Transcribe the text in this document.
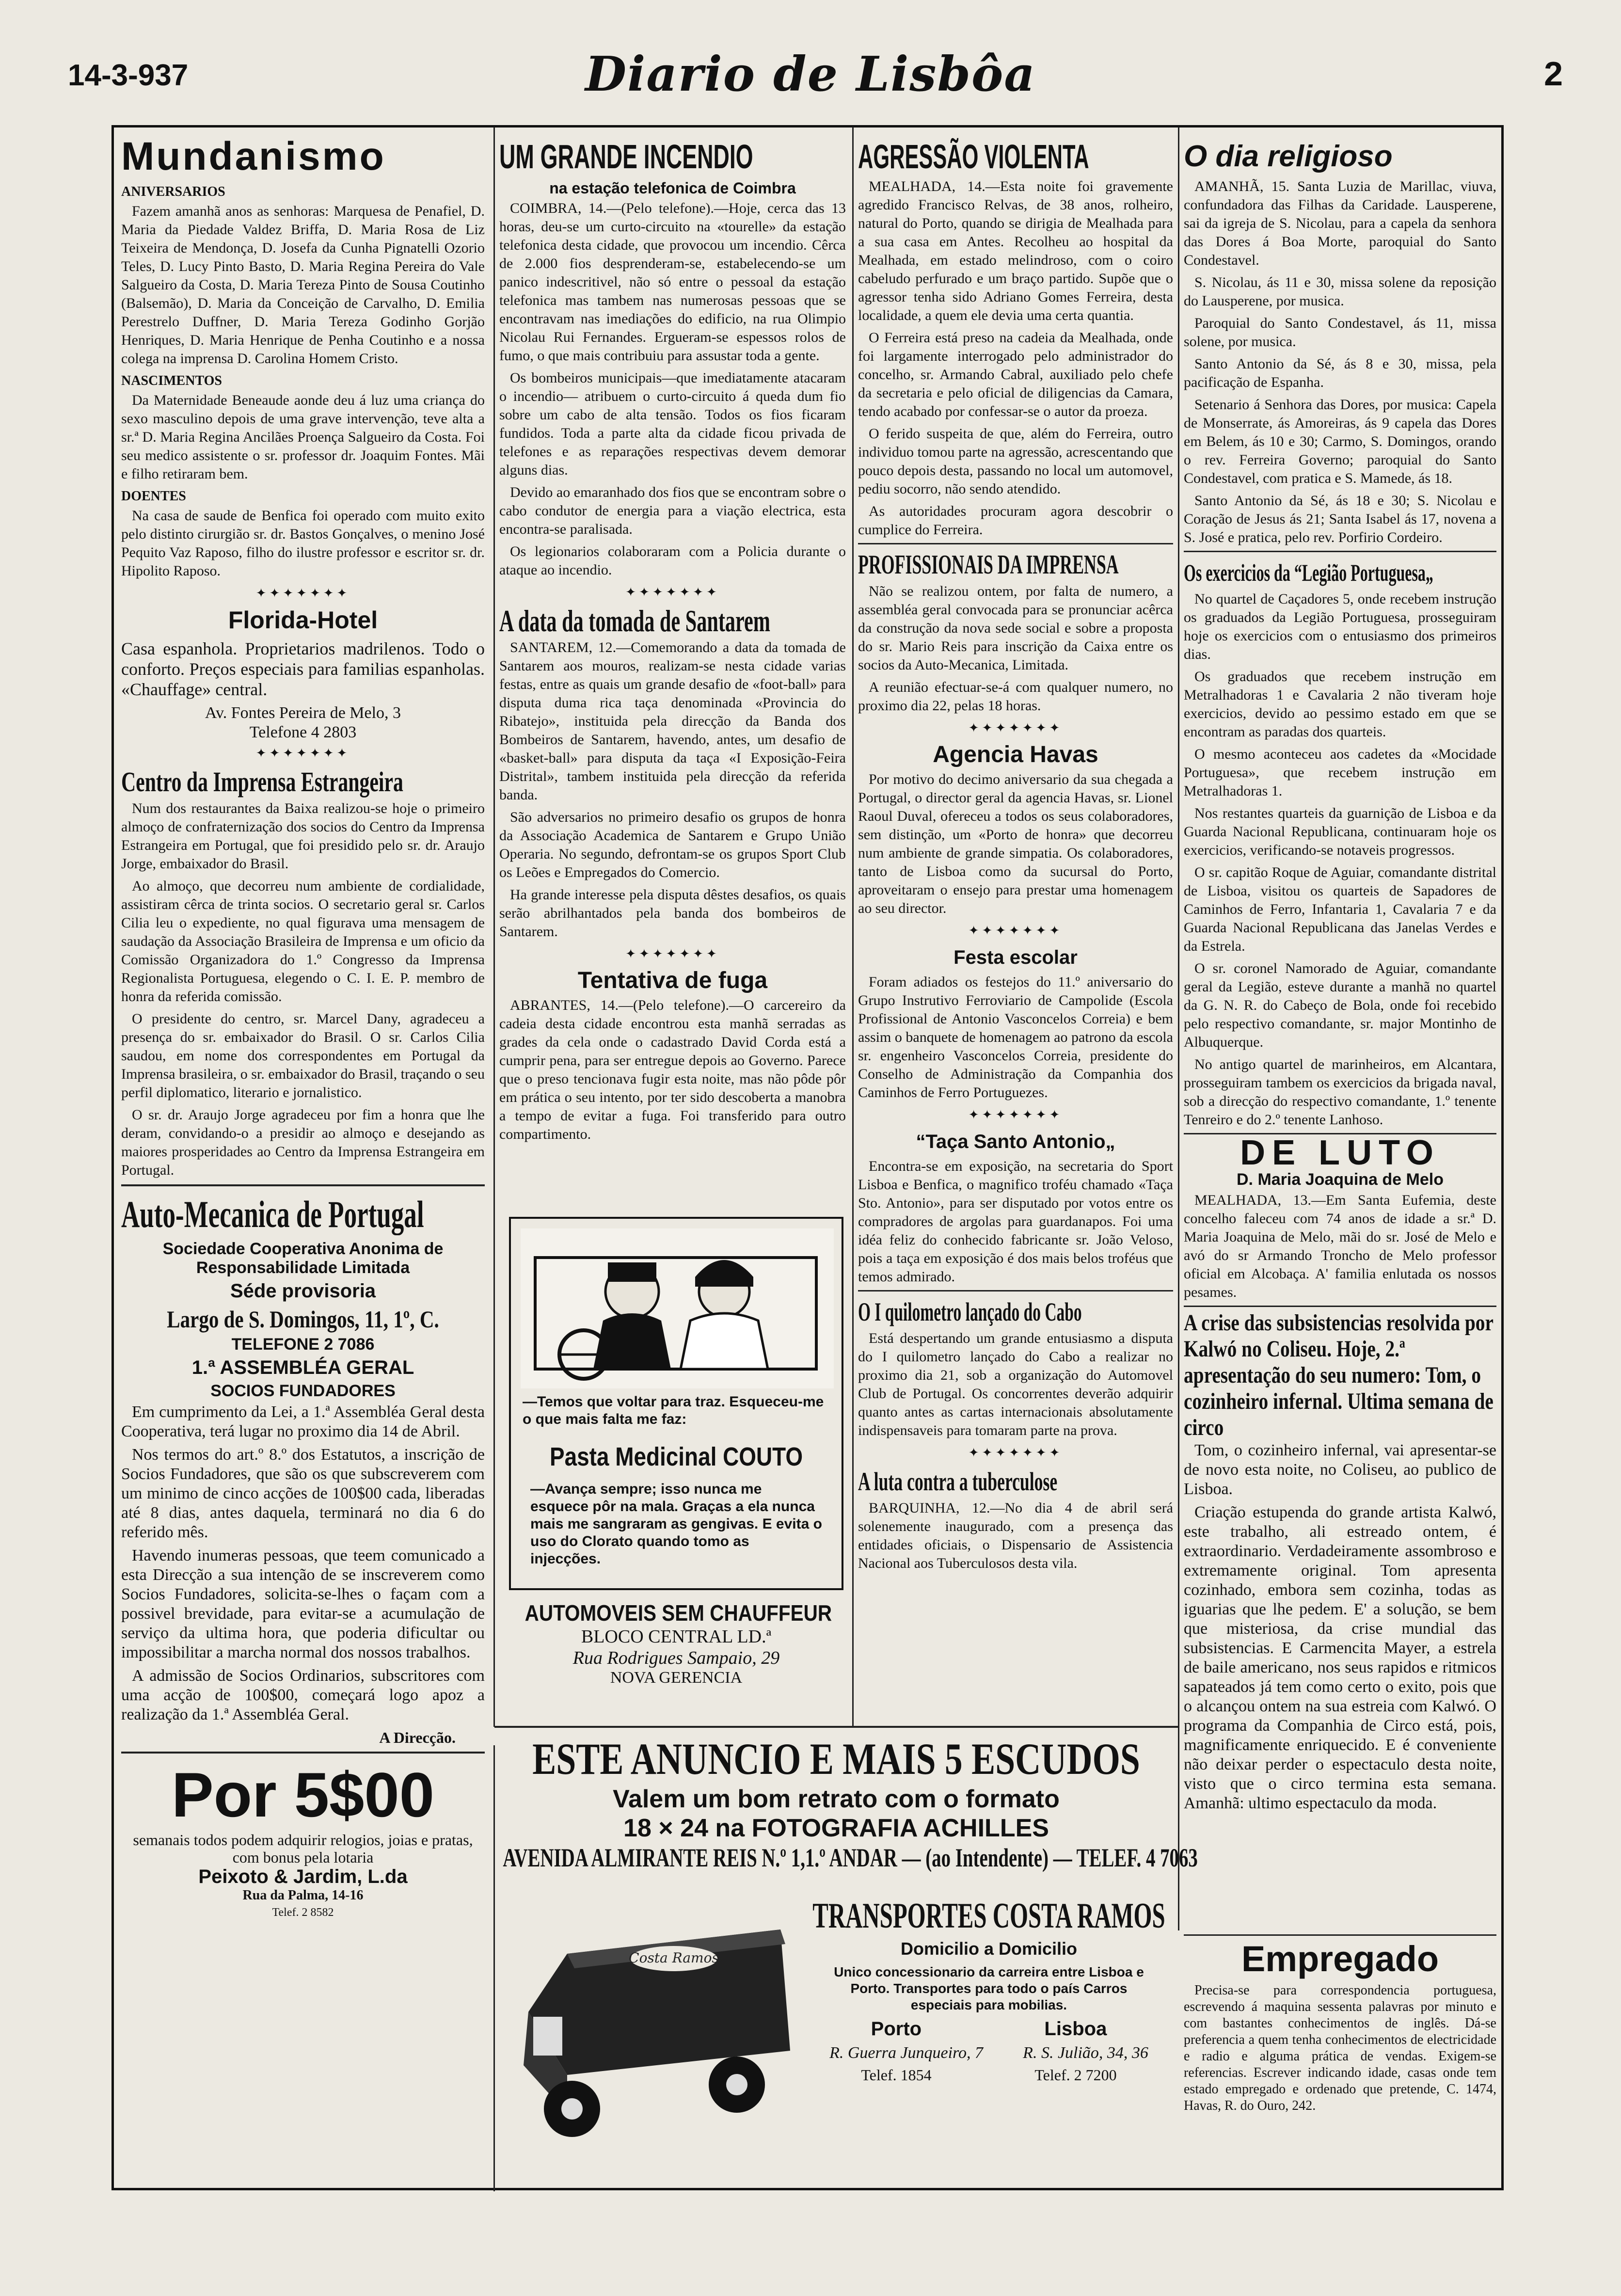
14-3-937	Diario de Lisbôa	2
Mundanismo
ANIVERSARIOS

Fazem amanhã anos as senhoras: Marquesa de Penafiel, D. Maria da Piedade Valdez Briffa, D. Maria Rosa de Liz Teixeira de Mendonça, D. Josefa da Cunha Pignatelli Ozorio Teles, D. Lucy Pinto Basto, D. Maria Regina Pereira do Vale Salgueiro da Costa, D. Maria Tereza Pinto de Sousa Coutinho (Balsemão), D. Maria da Conceição de Carvalho, D. Emilia Perestrelo Duffner, D. Maria Tereza Godinho Gorjão Henriques, D. Maria Henrique de Penha Coutinho e a nossa colega na imprensa D. Carolina Homem Cristo.

NASCIMENTOS

Da Maternidade Beneaude aonde deu á luz uma criança do sexo masculino depois de uma grave intervenção, teve alta a sr.ª D. Maria Regina Ancilães Proença Salgueiro da Costa. Foi seu medico assistente o sr. professor dr. Joaquim Fontes. Mãi e filho retiraram bem.

DOENTES

Na casa de saude de Benfica foi operado com muito exito pelo distinto cirurgião sr. dr. Bastos Gonçalves, o menino José Pequito Vaz Raposo, filho do ilustre professor e escritor sr. dr. Hipolito Raposo.

✦✦✦✦✦✦✦
Florida-Hotel

Casa espanhola. Proprietarios madrilenos. Todo o conforto. Preços especiais para familias espanholas. «Chauffage» central.

Av. Fontes Pereira de Melo, 3
Telefone 4 2803
✦✦✦✦✦✦✦
Centro da Imprensa Estrangeira

Num dos restaurantes da Baixa realizou-se hoje o primeiro almoço de confraternização dos socios do Centro da Imprensa Estrangeira em Portugal, que foi presidido pelo sr. dr. Araujo Jorge, embaixador do Brasil.

Ao almoço, que decorreu num ambiente de cordialidade, assistiram cêrca de trinta socios. O secretario geral sr. Carlos Cilia leu o expediente, no qual figurava uma mensagem de saudação da Associação Brasileira de Imprensa e um oficio da Comissão Organizadora do 1.º Congresso da Imprensa Regionalista Portuguesa, elegendo o C. I. E. P. membro de honra da referida comissão.

O presidente do centro, sr. Marcel Dany, agradeceu a presença do sr. embaixador do Brasil. O sr. Carlos Cilia saudou, em nome dos correspondentes em Portugal da Imprensa brasileira, o sr. embaixador do Brasil, traçando o seu perfil diplomatico, literario e jornalistico.

O sr. dr. Araujo Jorge agradeceu por fim a honra que lhe deram, convidando-o a presidir ao almoço e desejando as maiores prosperidades ao Centro da Imprensa Estrangeira em Portugal.

Auto-Mecanica de Portugal
Sociedade Cooperativa Anonima de Responsabilidade Limitada
Séde provisoria
Largo de S. Domingos, 11, 1º, C.
TELEFONE 2 7086
1.ª ASSEMBLÉA GERAL
SOCIOS FUNDADORES

Em cumprimento da Lei, a 1.ª Assembléa Geral desta Cooperativa, terá lugar no proximo dia 14 de Abril.

Nos termos do art.º 8.º dos Estatutos, a inscrição de Socios Fundadores, que são os que subscreverem com um minimo de cinco acções de 100$00 cada, liberadas até 8 dias, antes daquela, terminará no dia 6 do referido mês.

Havendo inumeras pessoas, que teem comunicado a esta Direcção a sua intenção de se inscreverem como Socios Fundadores, solicita-se-lhes o façam com a possivel brevidade, para evitar-se a acumulação de serviço da ultima hora, que poderia dificultar ou impossibilitar a marcha normal dos nossos trabalhos.

A admissão de Socios Ordinarios, subscritores com uma acção de 100$00, começará logo apoz a realização da 1.ª Assembléa Geral.

A Direcção.
Por 5$00
semanais todos podem adquirir relogios, joias e pratas, com bonus pela lotaria
Peixoto & Jardim, L.da
Rua da Palma, 14-16
Telef. 2 8582
UM GRANDE INCENDIO
na estação telefonica de Coimbra

COIMBRA, 14.—(Pelo telefone).—Hoje, cerca das 13 horas, deu-se um curto-circuito na «tourelle» da estação telefonica desta cidade, que provocou um incendio. Cêrca de 2.000 fios desprenderam-se, estabelecendo-se um panico indescritivel, não só entre o pessoal da estação telefonica mas tambem nas numerosas pessoas que se encontravam nas imediações do edificio, na rua Olimpio Nicolau Rui Fernandes. Ergueram-se espessos rolos de fumo, o que mais contribuiu para assustar toda a gente.

Os bombeiros municipais—que imediatamente atacaram o incendio— atribuem o curto-circuito á queda dum fio sobre um cabo de alta tensão. Todos os fios ficaram fundidos. Toda a parte alta da cidade ficou privada de telefones e as reparações respectivas devem demorar alguns dias.

Devido ao emaranhado dos fios que se encontram sobre o cabo condutor de energia para a viação electrica, esta encontra-se paralisada.

Os legionarios colaboraram com a Policia durante o ataque ao incendio.

✦✦✦✦✦✦✦
A data da tomada de Santarem

SANTAREM, 12.—Comemorando a data da tomada de Santarem aos mouros, realizam-se nesta cidade varias festas, entre as quais um grande desafio de «foot-ball» para disputa duma rica taça denominada «Provincia do Ribatejo», instituida pela direcção da Banda dos Bombeiros de Santarem, havendo, antes, um desafio de «basket-ball» para disputa da taça «I Exposição-Feira Distrital», tambem instituida pela direcção da referida banda.

São adversarios no primeiro desafio os grupos de honra da Associação Academica de Santarem e Grupo União Operaria. No segundo, defrontam-se os grupos Sport Club os Leões e Empregados do Comercio.

Ha grande interesse pela disputa dêstes desafios, os quais serão abrilhantados pela banda dos bombeiros de Santarem.

✦✦✦✦✦✦✦
Tentativa de fuga

ABRANTES, 14.—(Pelo telefone).—O carcereiro da cadeia desta cidade encontrou esta manhã serradas as grades da cela onde o cadastrado David Corda está a cumprir pena, para ser entregue depois ao Governo. Parece que o preso tencionava fugir esta noite, mas não pôde pôr em prática o seu intento, por ter sido descoberta a manobra a tempo de evitar a fuga. Foi transferido para outro compartimento.

—Temos que voltar para traz. Esqueceu-me o que mais falta me faz:
Pasta Medicinal COUTO
—Avança sempre; isso nunca me esquece pôr na mala. Graças a ela nunca mais me sangraram as gengivas. E evita o uso do Clorato quando tomo as injecções.
AUTOMOVEIS SEM CHAUFFEUR
BLOCO CENTRAL LD.ª
Rua Rodrigues Sampaio, 29
NOVA GERENCIA
AGRESSÃO VIOLENTA

MEALHADA, 14.—Esta noite foi gravemente agredido Francisco Relvas, de 38 anos, rolheiro, natural do Porto, quando se dirigia de Mealhada para a sua casa em Antes. Recolheu ao hospital da Mealhada, em estado melindroso, com o coiro cabeludo perfurado e um braço partido. Supõe que o agressor tenha sido Adriano Gomes Ferreira, desta localidade, a quem ele devia uma certa quantia.

O Ferreira está preso na cadeia da Mealhada, onde foi largamente interrogado pelo administrador do concelho, sr. Armando Cabral, auxiliado pelo chefe da secretaria e pelo oficial de diligencias da Camara, tendo acabado por confessar-se o autor da proeza.

O ferido suspeita de que, além do Ferreira, outro individuo tomou parte na agressão, acrescentando que pouco depois desta, passando no local um automovel, pediu socorro, não sendo atendido.

As autoridades procuram agora descobrir o cumplice do Ferreira.

PROFISSIONAIS DA IMPRENSA

Não se realizou ontem, por falta de numero, a assembléa geral convocada para se pronunciar acêrca da construção da nova sede social e sobre a proposta do sr. Mario Reis para inscrição da Caixa entre os socios da Auto-Mecanica, Limitada.

A reunião efectuar-se-á com qualquer numero, no proximo dia 22, pelas 18 horas.

✦✦✦✦✦✦✦
Agencia Havas

Por motivo do decimo aniversario da sua chegada a Portugal, o director geral da agencia Havas, sr. Lionel Raoul Duval, ofereceu a todos os seus colaboradores, sem distinção, um «Porto de honra» que decorreu num ambiente de grande simpatia. Os colaboradores, tanto de Lisboa como da sucursal do Porto, aproveitaram o ensejo para prestar uma homenagem ao seu director.

✦✦✦✦✦✦✦
Festa escolar

Foram adiados os festejos do 11.º aniversario do Grupo Instrutivo Ferroviario de Campolide (Escola Profissional de Antonio Vasconcelos Correia) e bem assim o banquete de homenagem ao patrono da escola sr. engenheiro Vasconcelos Correia, presidente do Conselho de Administração da Companhia dos Caminhos de Ferro Portuguezes.

✦✦✦✦✦✦✦
“Taça Santo Antonio„

Encontra-se em exposição, na secretaria do Sport Lisboa e Benfica, o magnifico troféu chamado «Taça Sto. Antonio», para ser disputado por votos entre os compradores de argolas para guardanapos. Foi uma idéa feliz do conhecido fabricante sr. João Veloso, pois a taça em exposição é dos mais belos troféus que temos admirado.

O I quilometro lançado do Cabo

Está despertando um grande entusiasmo a disputa do I quilometro lançado do Cabo a realizar no proximo dia 21, sob a organização do Automovel Club de Portugal. Os concorrentes deverão adquirir quanto antes as cartas internacionais absolutamente indispensaveis para tomaram parte na prova.

✦✦✦✦✦✦✦
A luta contra a tuberculose

BARQUINHA, 12.—No dia 4 de abril será solenemente inaugurado, com a presença das entidades oficiais, o Dispensario de Assistencia Nacional aos Tuberculosos desta vila.

O dia religioso

AMANHÃ, 15. Santa Luzia de Marillac, viuva, confundadora das Filhas da Caridade. Lausperene, sai da igreja de S. Nicolau, para a capela da senhora das Dores á Boa Morte, paroquial do Santo Condestavel.

S. Nicolau, ás 11 e 30, missa solene da reposição do Lausperene, por musica.

Paroquial do Santo Condestavel, ás 11, missa solene, por musica.

Santo Antonio da Sé, ás 8 e 30, missa, pela pacificação de Espanha.

Setenario á Senhora das Dores, por musica: Capela de Monserrate, ás Amoreiras, ás 9 capela das Dores em Belem, ás 10 e 30; Carmo, S. Domingos, orando o rev. Ferreira Governo; paroquial do Santo Condestavel, com pratica e S. Mamede, ás 18.

Santo Antonio da Sé, ás 18 e 30; S. Nicolau e Coração de Jesus ás 21; Santa Isabel ás 17, novena a S. José e pratica, pelo rev. Porfirio Cordeiro.

Os exercicios da “Legião Portuguesa„

No quartel de Caçadores 5, onde recebem instrução os graduados da Legião Portuguesa, prosseguiram hoje os exercicios com o entusiasmo dos primeiros dias.

Os graduados que recebem instrução em Metralhadoras 1 e Cavalaria 2 não tiveram hoje exercicios, devido ao pessimo estado em que se encontram as paradas dos quarteis.

O mesmo aconteceu aos cadetes da «Mocidade Portuguesa», que recebem instrução em Metralhadoras 1.

Nos restantes quarteis da guarnição de Lisboa e da Guarda Nacional Republicana, continuaram hoje os exercicios, verificando-se notaveis progressos.

O sr. capitão Roque de Aguiar, comandante distrital de Lisboa, visitou os quarteis de Sapadores de Caminhos de Ferro, Infantaria 1, Cavalaria 7 e da Guarda Nacional Republicana das Janelas Verdes e da Estrela.

O sr. coronel Namorado de Aguiar, comandante geral da Legião, esteve durante a manhã no quartel da G. N. R. do Cabeço de Bola, onde foi recebido pelo respectivo comandante, sr. major Montinho de Albuquerque.

No antigo quartel de marinheiros, em Alcantara, prosseguiram tambem os exercicios da brigada naval, sob a direcção do respectivo comandante, 1.º tenente Tenreiro e do 2.º tenente Lanhoso.

DE LUTO
D. Maria Joaquina de Melo

MEALHADA, 13.—Em Santa Eufemia, deste concelho faleceu com 74 anos de idade a sr.ª D. Maria Joaquina de Melo, mãi do sr. José de Melo e avó do sr Armando Troncho de Melo professor oficial em Alcobaça. A' familia enlutada os nossos pesames.

A crise das subsistencias resolvida por Kalwó no Coliseu. Hoje, 2.ª apresentação do seu numero: Tom, o cozinheiro infernal. Ultima semana de circo

Tom, o cozinheiro infernal, vai apresentar-se de novo esta noite, no Coliseu, ao publico de Lisboa.

Criação estupenda do grande artista Kalwó, este trabalho, ali estreado ontem, é extraordinario. Verdadeiramente assombroso e extremamente original. Tom apresenta cozinhado, embora sem cozinha, todas as iguarias que lhe pedem. E' a solução, se bem que misteriosa, da crise mundial das subsistencias. E Carmencita Mayer, a estrela de baile americano, nos seus rapidos e ritmicos sapateados já tem como certo o exito, pois que o alcançou ontem na sua estreia com Kalwó. O programa da Companhia de Circo está, pois, magnificamente enriquecido. E é conveniente não deixar perder o espectaculo desta noite, visto que o circo termina esta semana. Amanhã: ultimo espectaculo da moda.

Empregado

Precisa-se para correspondencia portuguesa, escrevendo á maquina sessenta palavras por minuto e com bastantes conhecimentos de inglês. Dá-se preferencia a quem tenha conhecimentos de electricidade e radio e alguma prática de vendas. Exigem-se referencias. Escrever indicando idade, casas onde tem estado empregado e ordenado que pretende, C. 1474, Havas, R. do Ouro, 242.

ESTE ANUNCIO E MAIS 5 ESCUDOS
Valem um bom retrato com o formato
18 × 24 na FOTOGRAFIA ACHILLES
AVENIDA ALMIRANTE REIS N.º 1,1.º ANDAR — (ao Intendente) — TELEF. 4 7063
Costa Ramos
TRANSPORTES COSTA RAMOS
Domicilio a Domicilio
Unico concessionario da carreira entre Lisboa e Porto. Transportes para todo o país Carros especiais para mobilias.
Porto	Lisboa
R. Guerra Junqueiro, 7 R. S. Julião, 34, 36
Telef. 1854	Telef. 2 7200
